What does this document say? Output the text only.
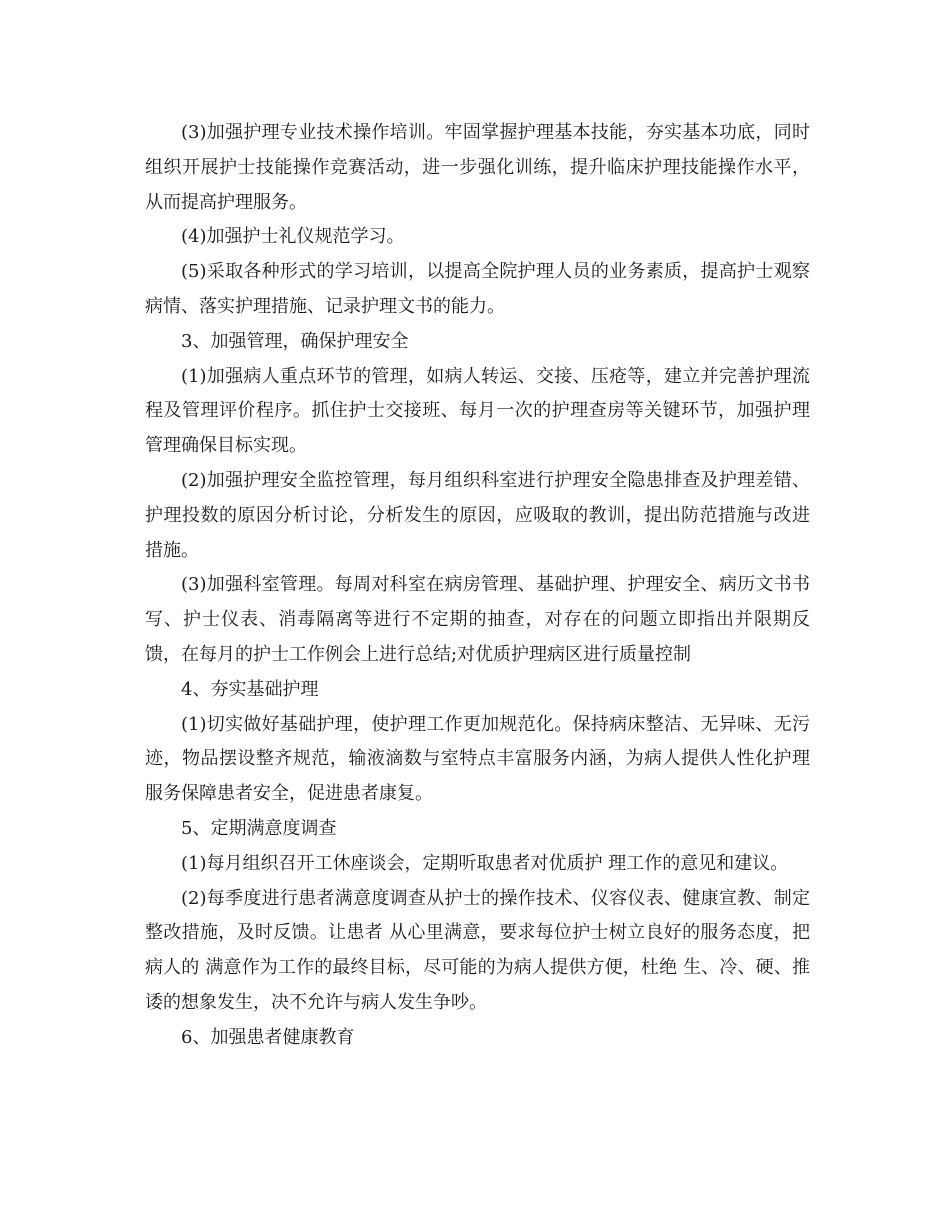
(3)加强护理专业技术操作培训。牢固掌握护理基本技能，夯实基本功底，同时组织开展护士技能操作竞赛活动，进一步强化训练，提升临床护理技能操作水平，从而提高护理服务。

(4)加强护士礼仪规范学习。

(5)采取各种形式的学习培训，以提高全院护理人员的业务素质，提高护士观察病情、落实护理措施、记录护理文书的能力。

3、加强管理，确保护理安全

(1)加强病人重点环节的管理，如病人转运、交接、压疮等，建立并完善护理流程及管理评价程序。抓住护士交接班、每月一次的护理查房等关键环节，加强护理管理确保目标实现。

(2)加强护理安全监控管理，每月组织科室进行护理安全隐患排查及护理差错、护理投数的原因分析讨论，分析发生的原因，应吸取的教训，提出防范措施与改进措施。

(3)加强科室管理。每周对科室在病房管理、基础护理、护理安全、病历文书书写、护士仪表、消毒隔离等进行不定期的抽查，对存在的问题立即指出并限期反馈，在每月的护士工作例会上进行总结;对优质护理病区进行质量控制

4、夯实基础护理

(1)切实做好基础护理，使护理工作更加规范化。保持病床整洁、无异味、无污迹，物品摆设整齐规范，输液滴数与室特点丰富服务内涵，为病人提供人性化护理服务保障患者安全，促进患者康复。

5、定期满意度调查

(1)每月组织召开工休座谈会，定期听取患者对优质护 理工作的意见和建议。

(2)每季度进行患者满意度调查从护士的操作技术、仪容仪表、健康宣教、制定整改措施，及时反馈。让患者 从心里满意，要求每位护士树立良好的服务态度，把病人的 满意作为工作的最终目标，尽可能的为病人提供方便，杜绝 生、冷、硬、推诿的想象发生，决不允许与病人发生争吵。

6、加强患者健康教育
